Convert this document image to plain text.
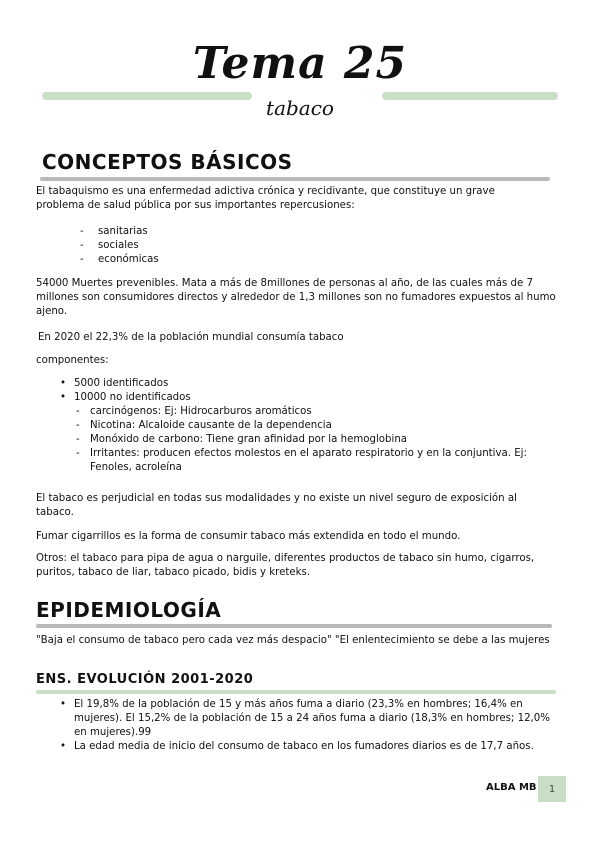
Tema 25
tabaco
CONCEPTOS BÁSICOS
El tabaquismo es una enfermedad adictiva crónica y recidivante, que constituye un grave problema de salud pública por sus importantes repercusiones:
- sanitarias
- sociales
- económicas
54000 Muertes prevenibles. Mata a más de 8millones de personas al año, de las cuales más de 7 millones son consumidores directos y alrededor de 1,3 millones son no fumadores expuestos al humo ajeno.
En 2020 el 22,3% de la población mundial consumía tabaco
componentes:
• 5000 identificados
• 10000 no identificados
- carcinógenos: Ej: Hidrocarburos aromáticos
- Nicotina: Alcaloide causante de la dependencia
- Monóxido de carbono: Tiene gran afinidad por la hemoglobina
- Irritantes: producen efectos molestos en el aparato respiratorio y en la conjuntiva. Ej: Fenoles, acroleína
El tabaco es perjudicial en todas sus modalidades y no existe un nivel seguro de exposición al tabaco.
Fumar cigarrillos es la forma de consumir tabaco más extendida en todo el mundo.
Otros: el tabaco para pipa de agua o narguile, diferentes productos de tabaco sin humo, cigarros, puritos, tabaco de liar, tabaco picado, bidis y kreteks.
EPIDEMIOLOGÍA
"Baja el consumo de tabaco pero cada vez más despacio" "El enlentecimiento se debe a las mujeres
ENS. EVOLUCIÓN 2001-2020
• El 19,8% de la población de 15 y más años fuma a diario (23,3% en hombres; 16,4% en mujeres). El 15,2% de la población de 15 a 24 años fuma a diario (18,3% en hombres; 12,0% en mujeres).99
• La edad media de inicio del consumo de tabaco en los fumadores diarios es de 17,7 años.
ALBA MB	1
